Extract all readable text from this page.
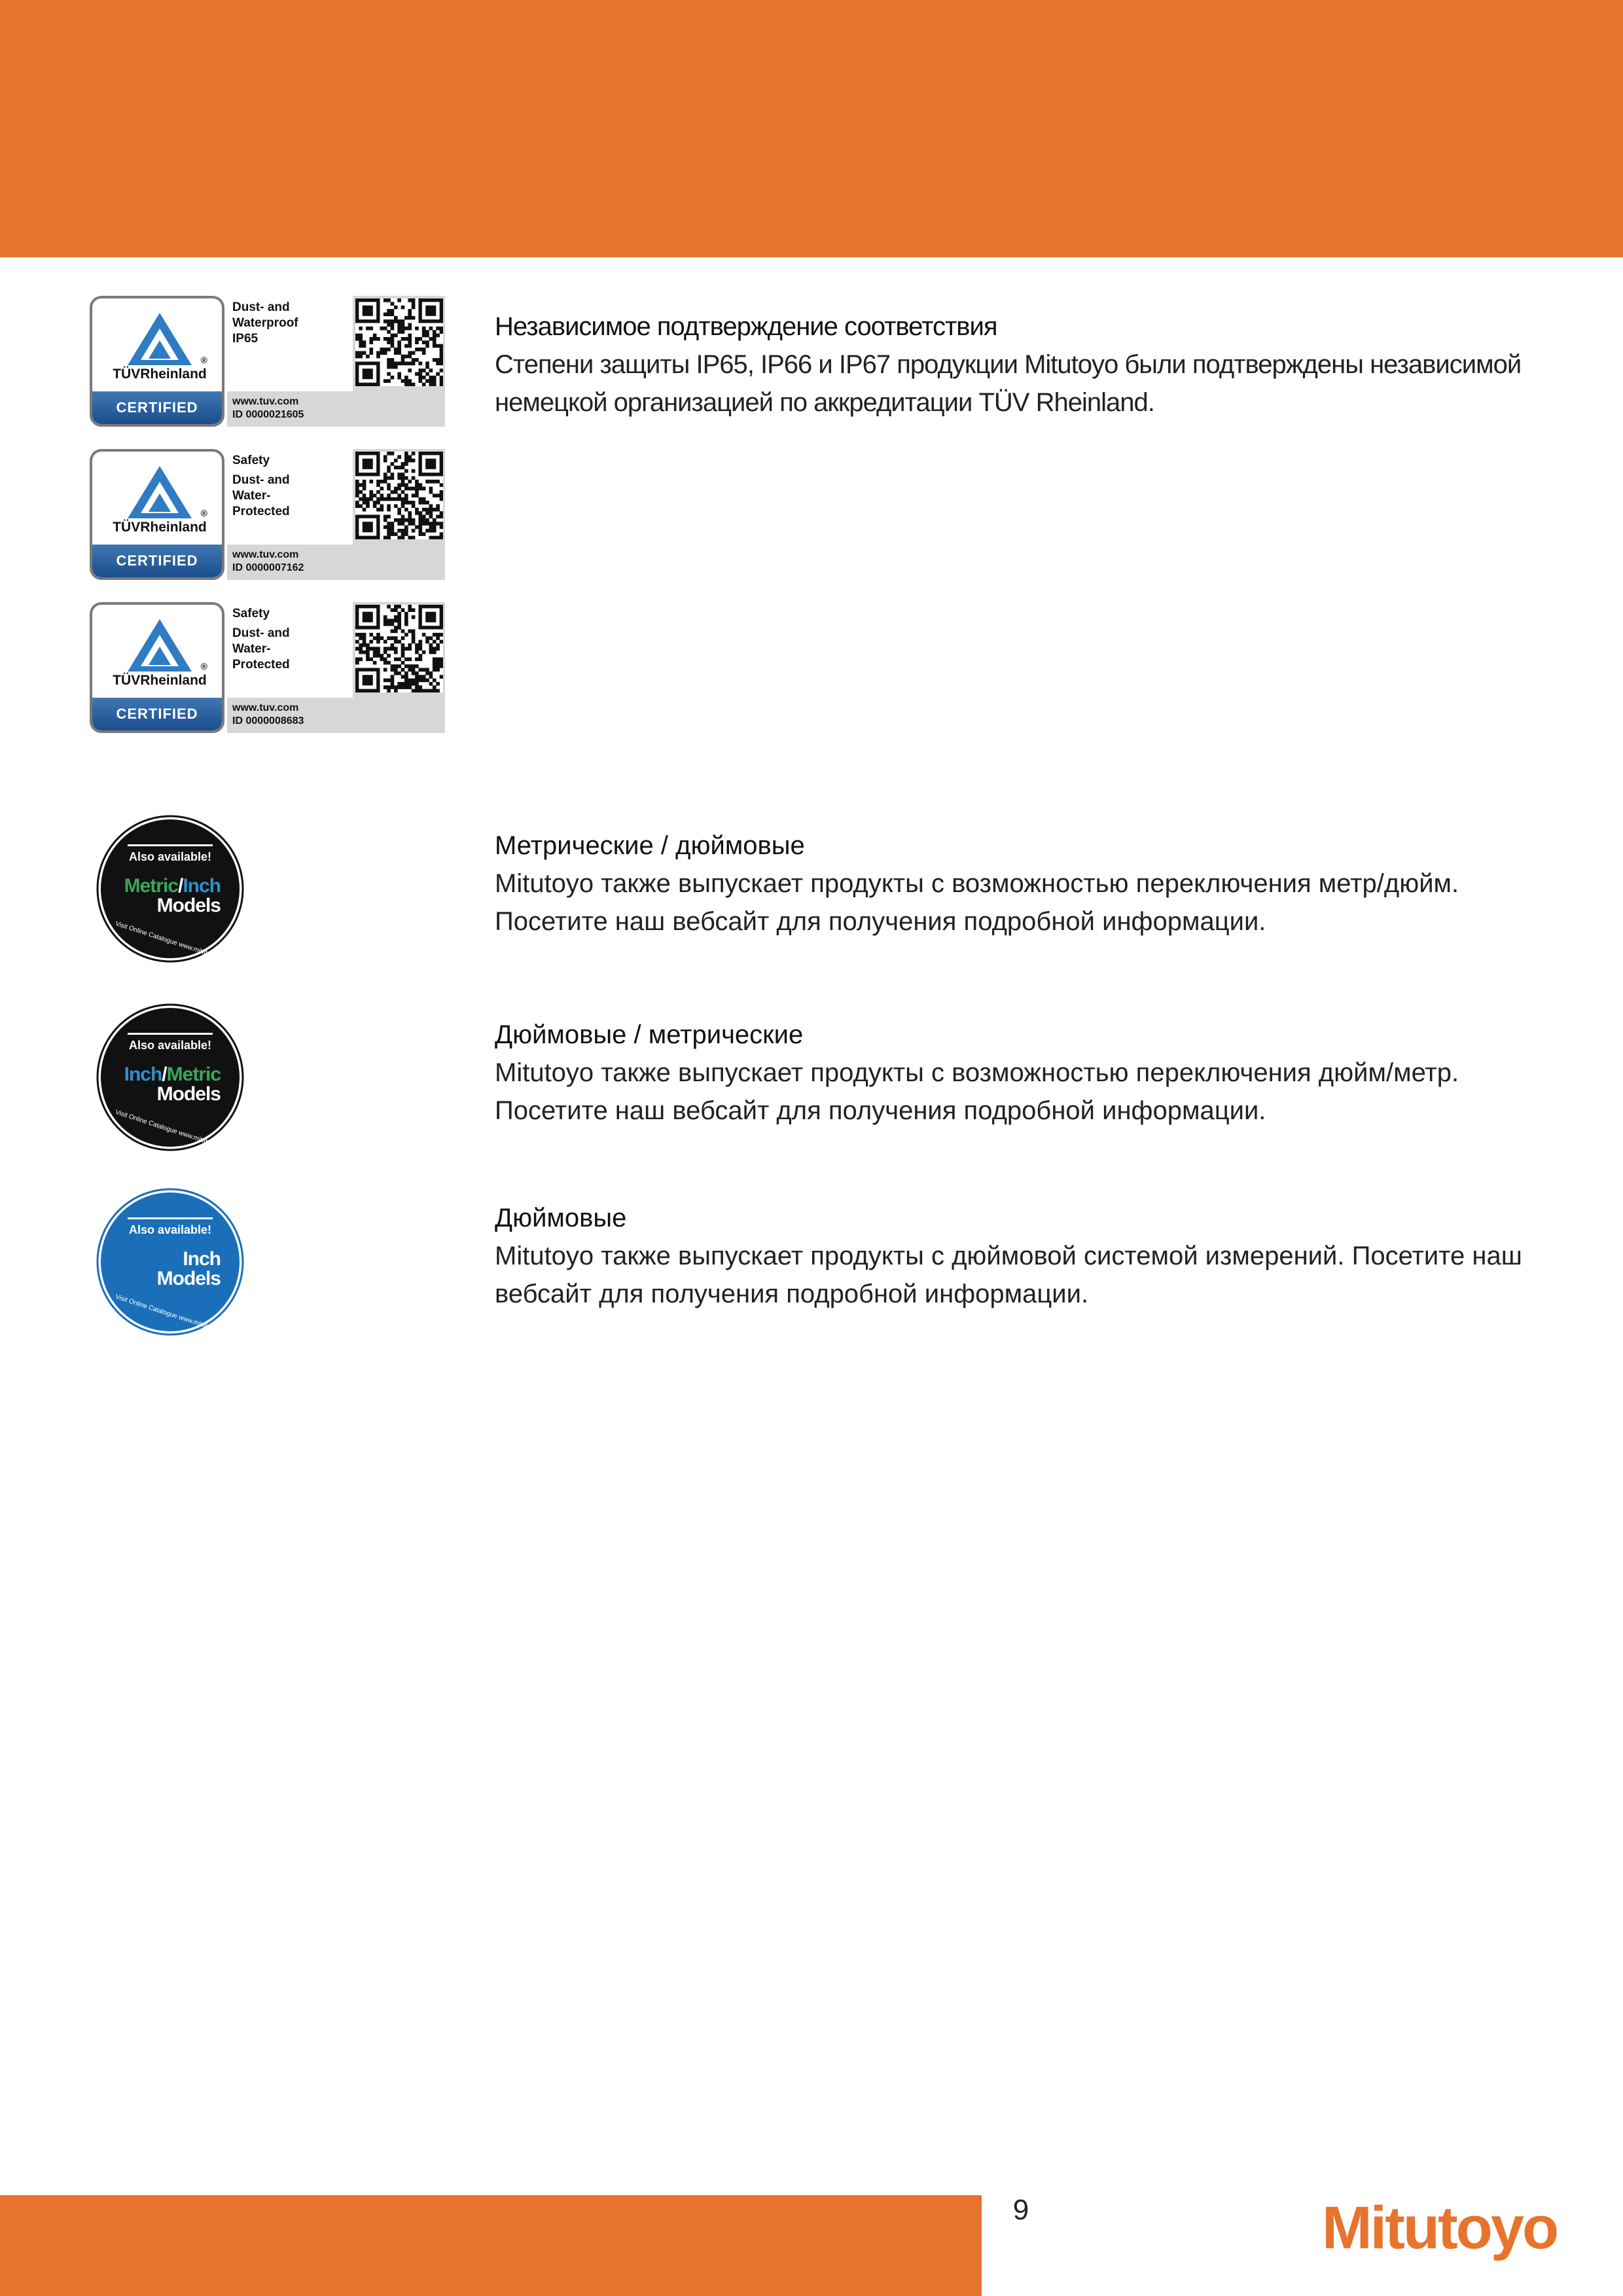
®
TÜVRheinland
CERTIFIED
Dust- and
Waterproof
IP65
www.tuv.com
ID 0000021605
®
TÜVRheinland
CERTIFIED
Safety
Dust- and
Water-
Protected
www.tuv.com
ID 0000007162
®
TÜVRheinland
CERTIFIED
Safety
Dust- and
Water-
Protected
www.tuv.com
ID 0000008683
Независимое подтверждение соответствия
Степени защиты IP65, IP66 и IP67 продукции Mitutoyo были подтверждены независимой
немецкой организацией по аккредитации TÜV Rheinland.
Also available!
Metric/Inch
Models
Visit Online Catalogue www.mitutoyo.eu
Also available!
Inch/Metric
Models
Visit Online Catalogue www.mitutoyo.eu
Also available!
Inch
Models
Visit Online Catalogue www.mitutoyo.eu
Метрические / дюймовые
Mitutoyo также выпускает продукты с возможностью переключения метр/дюйм.
Посетите наш вебсайт для получения подробной информации.
Дюймовые / метрические
Mitutoyo также выпускает продукты с возможностью переключения дюйм/метр.
Посетите наш вебсайт для получения подробной информации.
Дюймовые
Mitutoyo также выпускает продукты с дюймовой системой измерений. Посетите наш
вебсайт для получения подробной информации.
9	Mitutoyo
